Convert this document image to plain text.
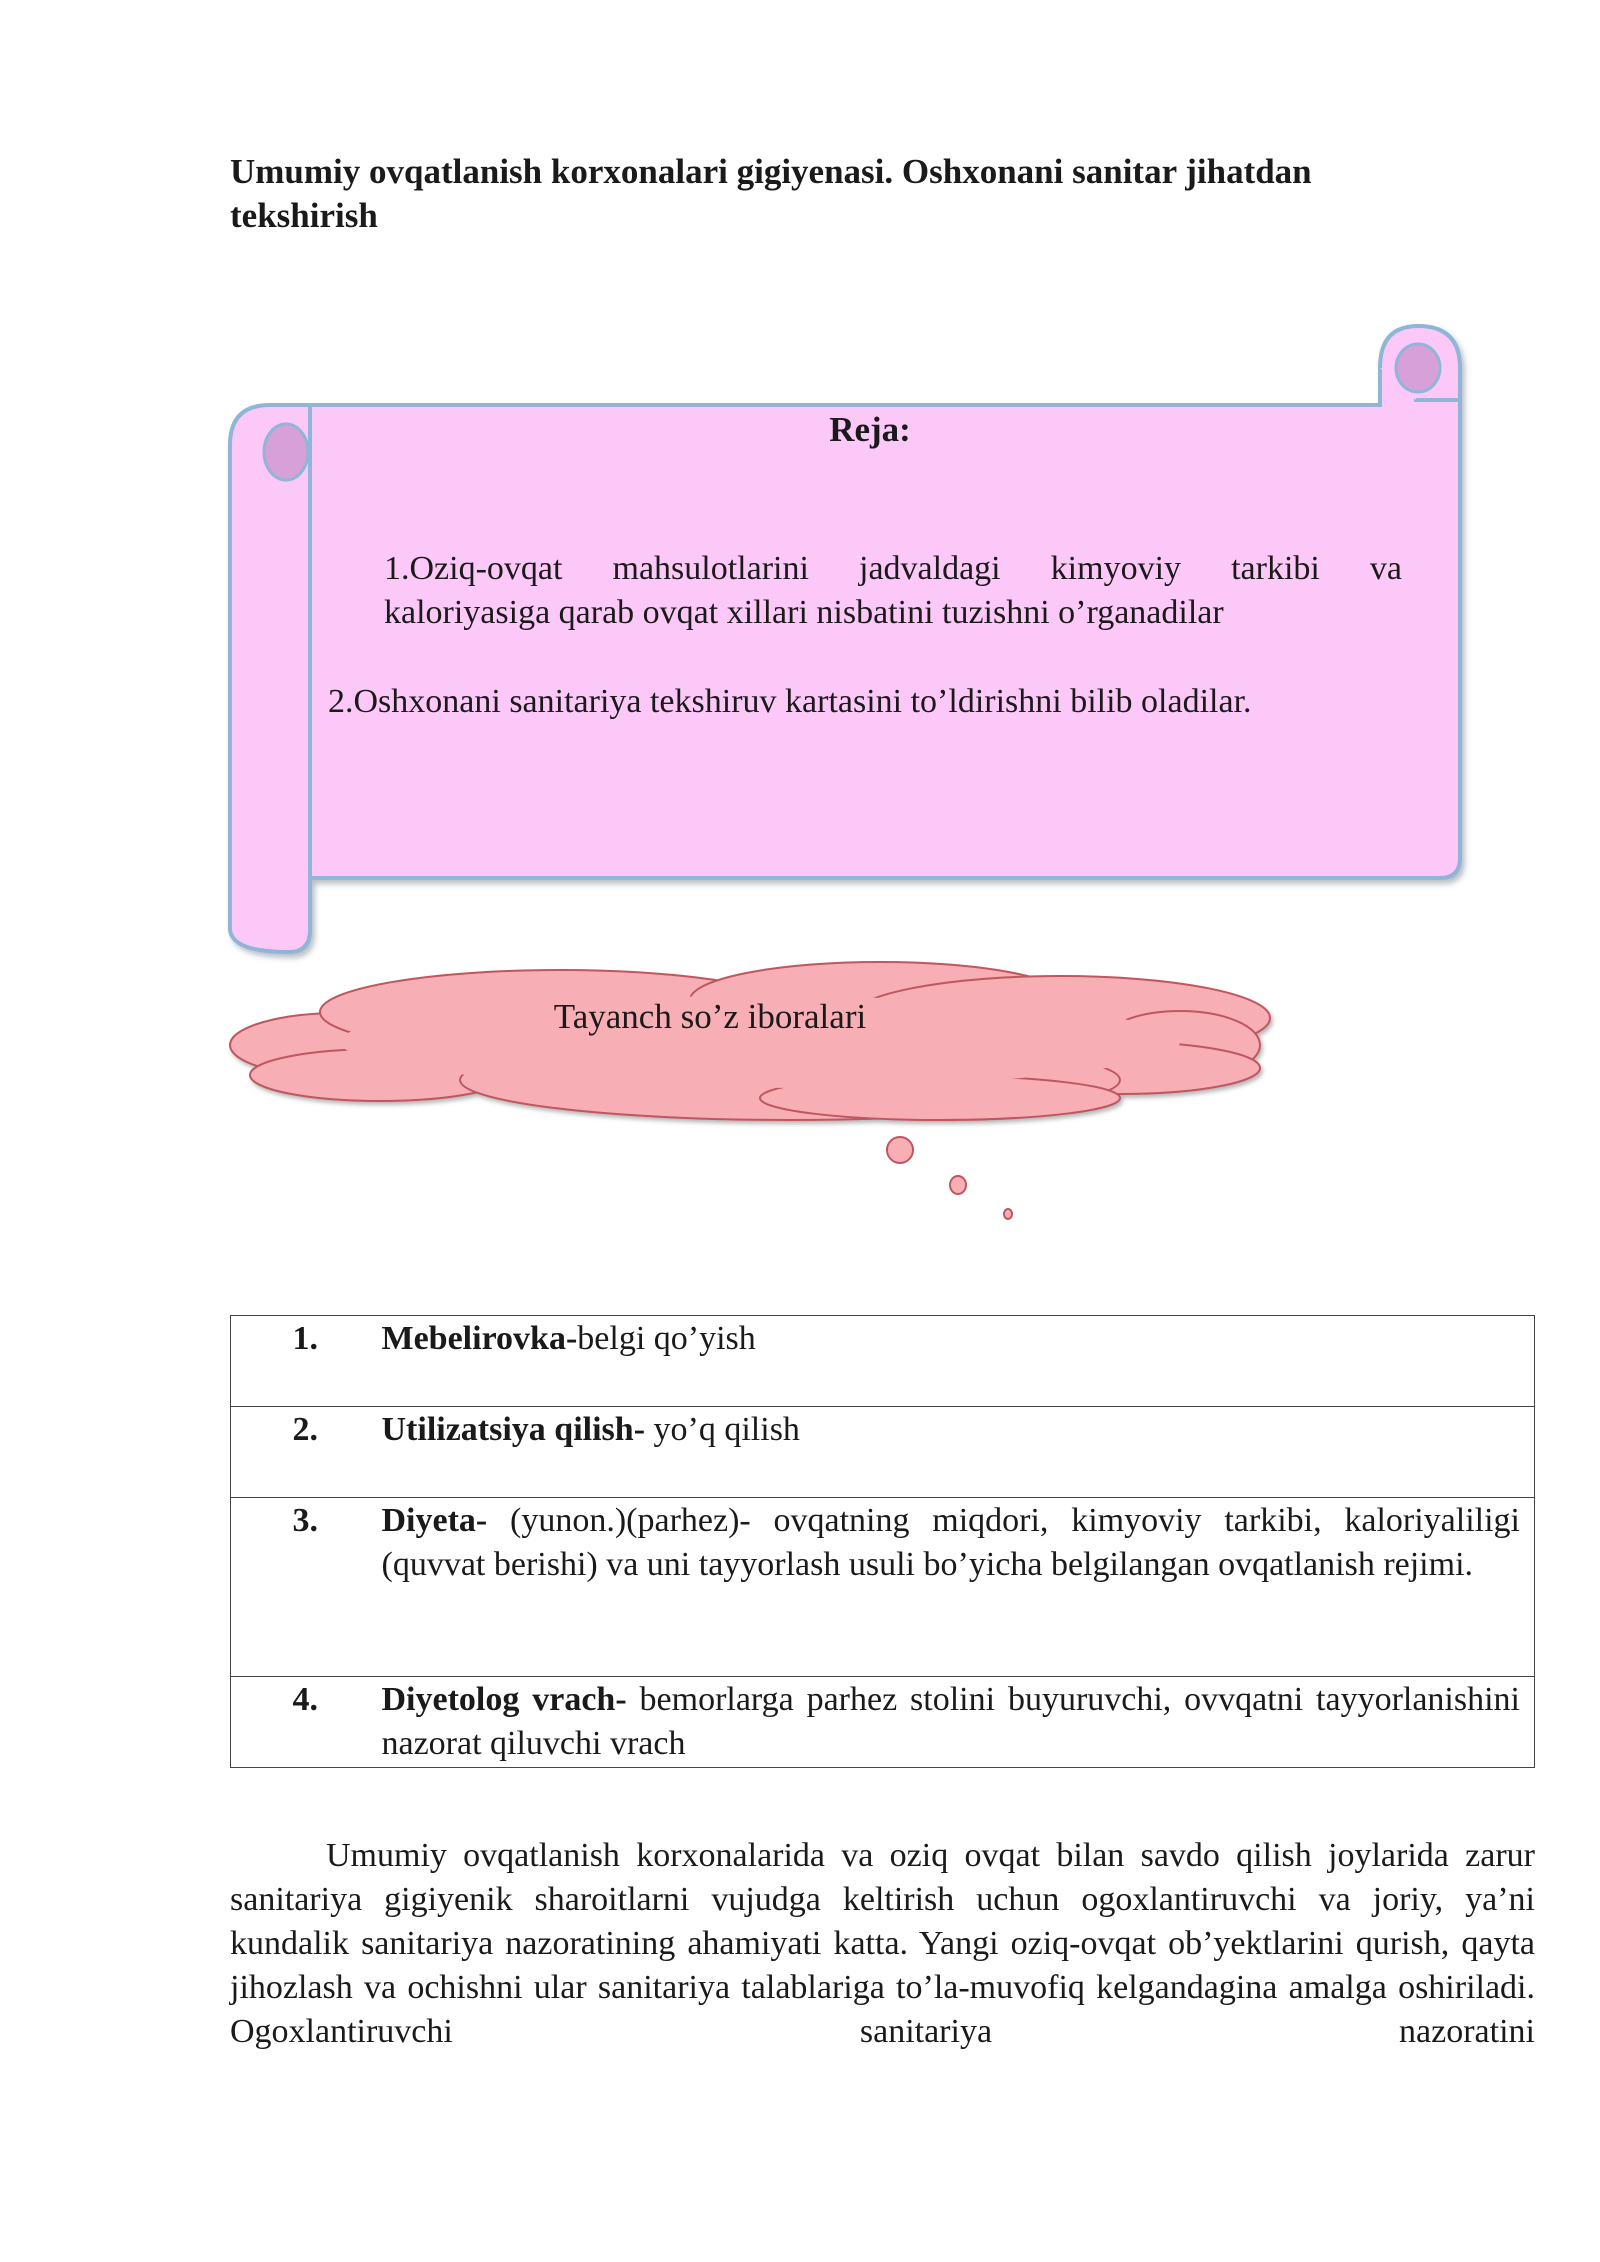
Umumiy ovqatlanish korxonalari gigiyenasi. Oshxonani sanitar jihatdan tekshirish
Reja:
1.Oziq-ovqat mahsulotlarini jadvaldagi kimyoviy tarkibi va
kaloriyasiga qarab ovqat xillari nisbatini tuzishni o’rganadilar
2.Oshxonani sanitariya tekshiruv kartasini to’ldirishni bilib oladilar.
Tayanch so’z iboralari
1.	Mebelirovka-belgi qo’yish
2.	Utilizatsiya qilish- yo’q qilish
3.	Diyeta- (yunon.)(parhez)- ovqatning miqdori, kimyoviy tarkibi, kaloriyaliligi (quvvat berishi) va uni tayyorlash usuli bo’yicha belgilangan ovqatlanish rejimi.
4.	Diyetolog vrach- bemorlarga parhez stolini buyuruvchi, ovvqatni tayyorlanishini nazorat qiluvchi vrach
Umumiy ovqatlanish korxonalarida va oziq ovqat bilan savdo qilish joylarida zarur sanitariya gigiyenik sharoitlarni vujudga keltirish uchun ogoxlantiruvchi va joriy, ya’ni kundalik sanitariya nazoratining ahamiyati katta. Yangi oziq-ovqat ob’yektlarini qurish, qayta jihozlash va ochishni ular sanitariya talablariga to’la-muvofiq kelgandagina amalga oshiriladi. Ogoxlantiruvchi sanitariya nazoratini
